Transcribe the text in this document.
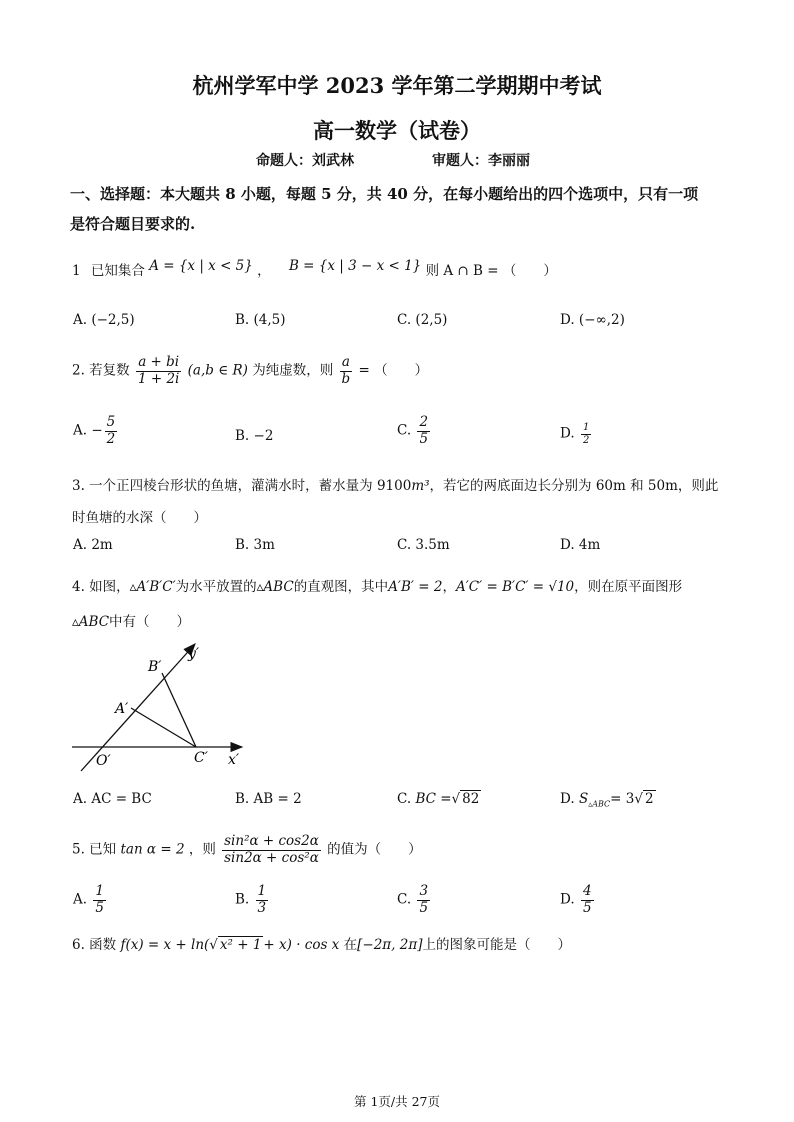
杭州学军中学 2023 学年第二学期期中考试
高一数学（试卷）
命题人：刘武林	审题人：李丽丽
一、选择题：本大题共 8 小题，每题 5 分，共 40 分，在每小题给出的四个选项中，只有一项
是符合题目要求的.
1 已知集合 A = {x | x < 5} ， B = {x | 3 − x < 1} 则 A ∩ B = （　　）
A. (−2,5)	B. (4,5)	C. (2,5)	D. (−∞,2)
2. 若复数 $\frac{a + bi}{1 + 2i} (a,b$ ∈ R) 为纯虚数，则 $\frac{a}{b}$ = （　　）
A. − $\frac{5}{2}$	B. −2	C. $\frac{2}{5}$	D. $\frac{1}{2}$
3. 一个正四棱台形状的鱼塘，灌满水时，蓄水量为 9100m³，若它的两底面边长分别为 60m 和 50m，则此
时鱼塘的水深（　　）
A. 2m	B. 3m	C. 3.5m	D. 4m
4. 如图，▵A′B′C′为水平放置的▵ABC的直观图，其中A′B′ = 2，A′C′ = B′C′ = √10，则在原平面图形
▵ABC中有（　　）
B′
y′
A′
O′	C′ x′
A. AC = BC	B. AB = 2	C. BC =√ 82	D. $S_{▵ABC}= 3√$ 2
5. 已知 tan α = 2 ，则 $\frac{\text{sin²α + cos2α}}{\text{sin2α + cos²α}}$ 的值为（　　）
A. $\frac{1}{5}$	B. $\frac{1}{3}$	C. $\frac{3}{5}$	D. $\frac{4}{5}$
6. 函数 f(x) = x + ln(√ x² + 1 + x) · cos x 在[−2π, 2π]上的图象可能是（　　）
第 1页/共 27页
